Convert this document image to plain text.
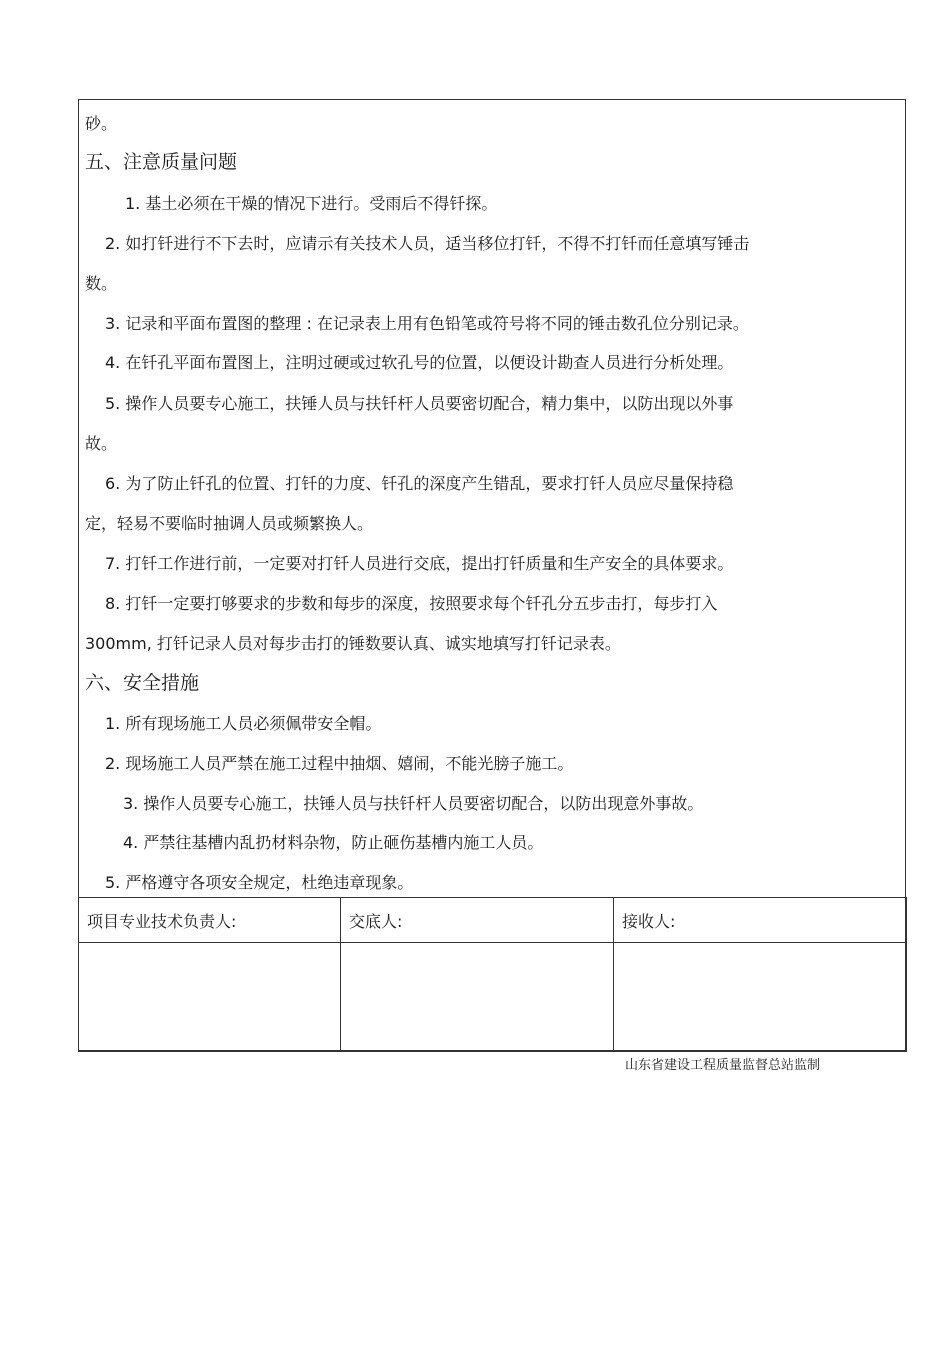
砂。
五、注意质量问题
1. 基土必须在干燥的情况下进行。受雨后不得钎探。
2. 如打钎进行不下去时，应请示有关技术人员，适当移位打钎，不得不打钎而任意填写锤击
数。
3. 记录和平面布置图的整理 : 在记录表上用有色铅笔或符号将不同的锤击数孔位分别记录。
4. 在钎孔平面布置图上，注明过硬或过软孔号的位置，以便设计勘查人员进行分析处理。
5. 操作人员要专心施工，扶锤人员与扶钎杆人员要密切配合，精力集中，以防出现以外事
故。
6. 为了防止钎孔的位置、打钎的力度、钎孔的深度产生错乱，要求打钎人员应尽量保持稳
定，轻易不要临时抽调人员或频繁换人。
7. 打钎工作进行前，一定要对打钎人员进行交底，提出打钎质量和生产安全的具体要求。
8. 打钎一定要打够要求的步数和每步的深度，按照要求每个钎孔分五步击打，每步打入
300mm, 打钎记录人员对每步击打的锤数要认真、诚实地填写打钎记录表。
六、安全措施
1. 所有现场施工人员必须佩带安全帽。
2. 现场施工人员严禁在施工过程中抽烟、嬉闹，不能光膀子施工。
3. 操作人员要专心施工，扶锤人员与扶钎杆人员要密切配合，以防出现意外事故。
4. 严禁往基槽内乱扔材料杂物，防止砸伤基槽内施工人员。
5. 严格遵守各项安全规定，杜绝违章现象。
项目专业技术负责人:	交底人:	接收人:

山东省建设工程质量监督总站监制
